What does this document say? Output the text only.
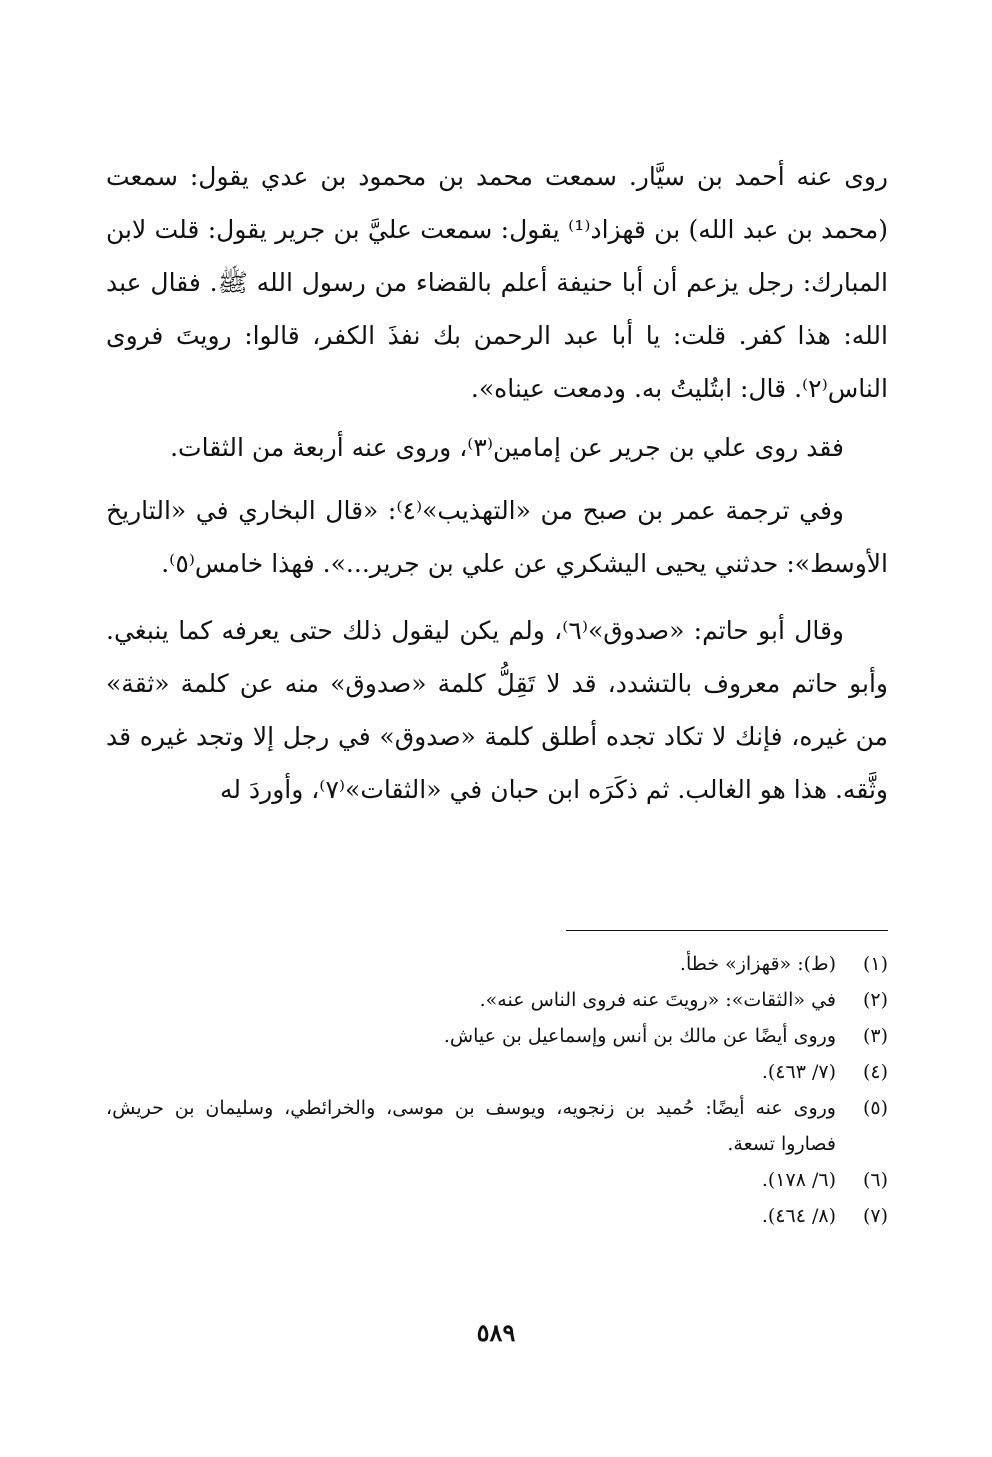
روى عنه أحمد بن سيَّار. سمعت محمد بن محمود بن عدي يقول: سمعت (محمد بن عبد الله) بن قهزاد⁽¹⁾ يقول: سمعت عليَّ بن جرير يقول: قلت لابن المبارك: رجل يزعم أن أبا حنيفة أعلم بالقضاء من رسول الله ﷺ. فقال عبد الله: هذا كفر. قلت: يا أبا عبد الرحمن بك نفذَ الكفر، قالوا: رويتَ فروى الناس⁽٢⁾. قال: ابتُليتُ به. ودمعت عيناه».

فقد روى علي بن جرير عن إمامين⁽٣⁾، وروى عنه أربعة من الثقات.

وفي ترجمة عمر بن صبح من «التهذيب»⁽٤⁾: «قال البخاري في «التاريخ الأوسط»: حدثني يحيى اليشكري عن علي بن جرير...». فهذا خامس⁽٥⁾.

وقال أبو حاتم: «صدوق»⁽٦⁾، ولم يكن ليقول ذلك حتى يعرفه كما ينبغي. وأبو حاتم معروف بالتشدد، قد لا تَقِلُّ كلمة «صدوق» منه عن كلمة «ثقة» من غيره، فإنك لا تكاد تجده أطلق كلمة «صدوق» في رجل إلا وتجد غيره قد وثَّقه. هذا هو الغالب. ثم ذكَرَه ابن حبان في «الثقات»⁽٧⁾، وأوردَ له

(١)
(ط): «قهزاز» خطأ.
(٢)
في «الثقات»: «رويتَ عنه فروى الناس عنه».
(٣)
وروى أيضًا عن مالك بن أنس وإسماعيل بن عياش.
(٤)
(٧/ ٤٦٣).
(٥)
وروى عنه أيضًا: حُميد بن زنجويه، ويوسف بن موسى، والخرائطي، وسليمان بن حريش، فصاروا تسعة.
(٦)
(٦/ ١٧٨).
(٧)
(٨/ ٤٦٤).
٥٨٩
